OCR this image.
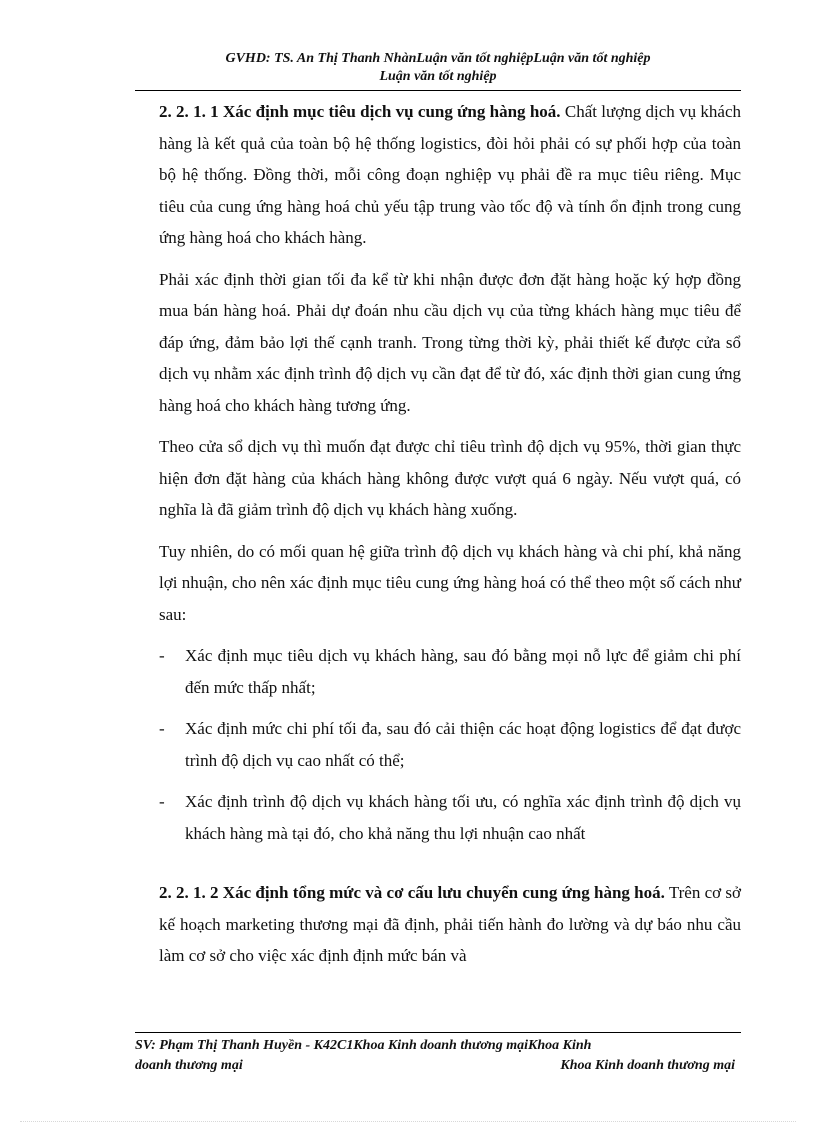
GVHD: TS. An Thị Thanh NhànLuận văn tốt nghiệpLuận văn tốt nghiệp
Luận văn tốt nghiệp

2. 2. 1. 1 Xác định mục tiêu dịch vụ cung ứng hàng hoá. Chất lượng dịch vụ khách hàng là kết quả của toàn bộ hệ thống logistics, đòi hỏi phải có sự phối hợp của toàn bộ hệ thống. Đồng thời, mỗi công đoạn nghiệp vụ phải đề ra mục tiêu riêng. Mục tiêu của cung ứng hàng hoá chủ yếu tập trung vào tốc độ và tính ổn định trong cung ứng hàng hoá cho khách hàng.

Phải xác định thời gian tối đa kể từ khi nhận được đơn đặt hàng hoặc ký hợp đồng mua bán hàng hoá. Phải dự đoán nhu cầu dịch vụ của từng khách hàng mục tiêu để đáp ứng, đảm bảo lợi thế cạnh tranh. Trong từng thời kỳ, phải thiết kế được cửa sổ dịch vụ nhằm xác định trình độ dịch vụ cần đạt để từ đó, xác định thời gian cung ứng hàng hoá cho khách hàng tương ứng.

Theo cửa sổ dịch vụ thì muốn đạt được chỉ tiêu trình độ dịch vụ 95%, thời gian thực hiện đơn đặt hàng của khách hàng không được vượt quá 6 ngày. Nếu vượt quá, có nghĩa là đã giảm trình độ dịch vụ khách hàng xuống.

Tuy nhiên, do có mối quan hệ giữa trình độ dịch vụ khách hàng và chi phí, khả năng lợi nhuận, cho nên xác định mục tiêu cung ứng hàng hoá có thể theo một số cách như sau:

- Xác định mục tiêu dịch vụ khách hàng, sau đó bằng mọi nỗ lực để giảm chi phí đến mức thấp nhất;
- Xác định mức chi phí tối đa, sau đó cải thiện các hoạt động logistics để đạt được trình độ dịch vụ cao nhất có thể;
- Xác định trình độ dịch vụ khách hàng tối ưu, có nghĩa xác định trình độ dịch vụ khách hàng mà tại đó, cho khả năng thu lợi nhuận cao nhất

2. 2. 1. 2 Xác định tổng mức và cơ cấu lưu chuyển cung ứng hàng hoá. Trên cơ sở kế hoạch marketing thương mại đã định, phải tiến hành đo lường và dự báo nhu cầu làm cơ sở cho việc xác định định mức bán và

SV: Phạm Thị Thanh Huyền - K42C1Khoa Kinh doanh thương mạiKhoa Kinh
doanh thương mại	Khoa Kinh doanh thương mại
